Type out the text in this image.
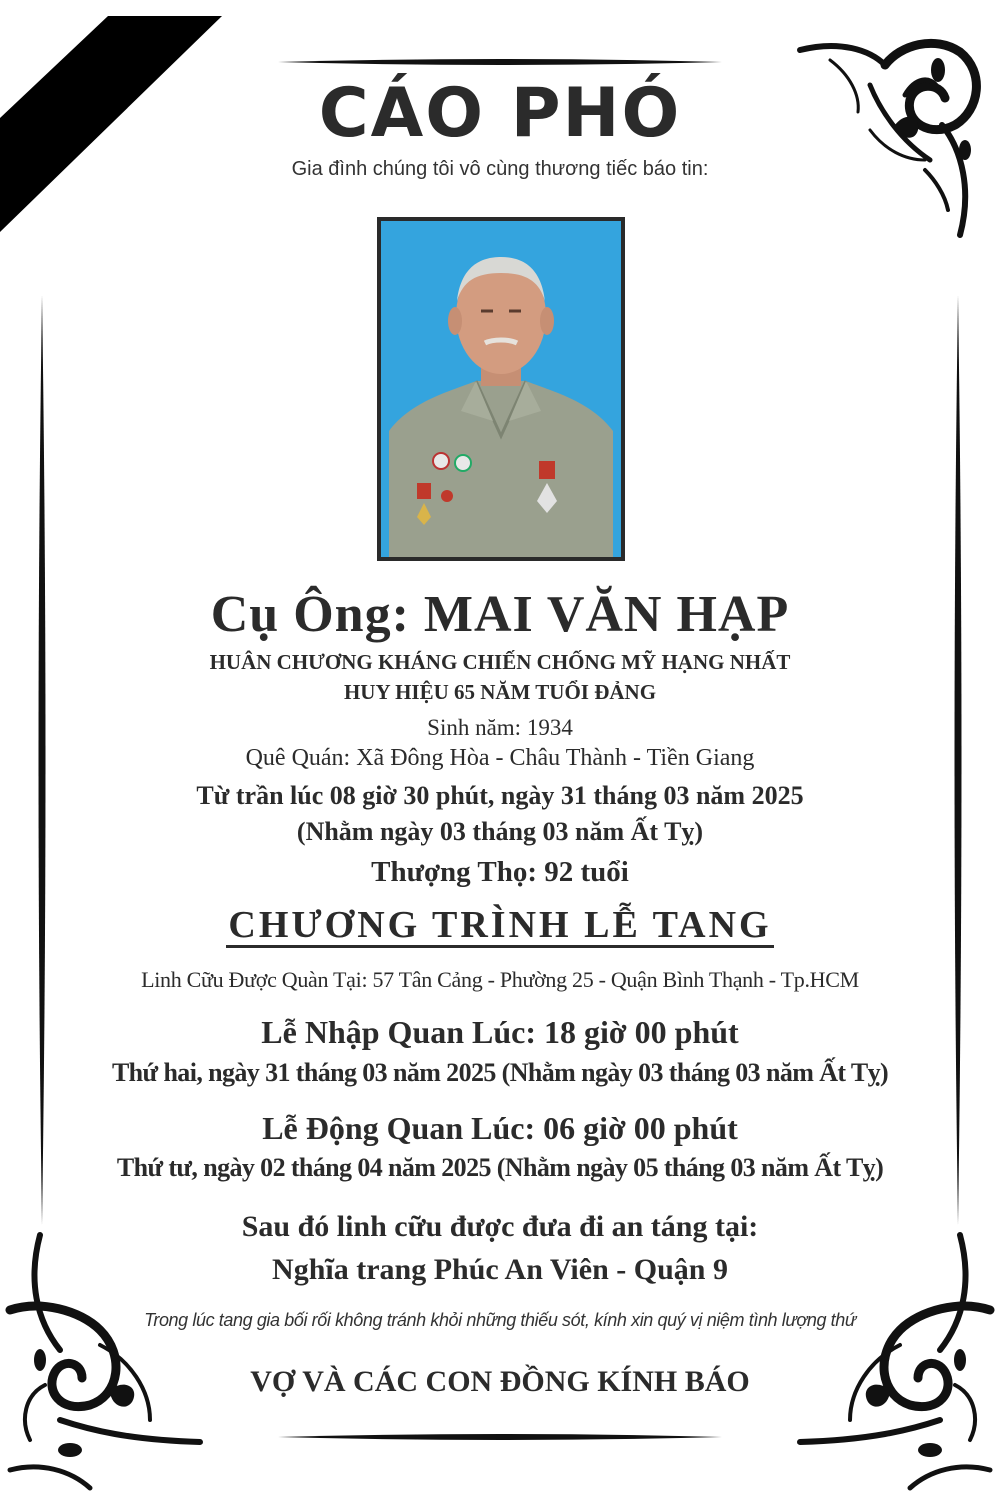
CÁO PHÓ

Gia đình chúng tôi vô cùng thương tiếc báo tin:

Cụ Ông: MAI VĂN HẠP

HUÂN CHƯƠNG KHÁNG CHIẾN CHỐNG MỸ HẠNG NHẤT

HUY HIỆU 65 NĂM TUỔI ĐẢNG

Sinh năm: 1934

Quê Quán: Xã Đông Hòa - Châu Thành - Tiền Giang

Từ trần lúc 08 giờ 30 phút, ngày 31 tháng 03 năm 2025

(Nhằm ngày 03 tháng 03 năm Ất Tỵ)

Thượng Thọ: 92 tuổi

CHƯƠNG TRÌNH LỄ TANG

Linh Cữu Được Quàn Tại: 57 Tân Cảng - Phường 25 - Quận Bình Thạnh - Tp.HCM

Lễ Nhập Quan Lúc: 18 giờ 00 phút

Thứ hai, ngày 31 tháng 03 năm 2025 (Nhằm ngày 03 tháng 03 năm Ất Tỵ)

Lễ Động Quan Lúc: 06 giờ 00 phút

Thứ tư, ngày 02 tháng 04 năm 2025 (Nhằm ngày 05 tháng 03 năm Ất Tỵ)

Sau đó linh cữu được đưa đi an táng tại:

Nghĩa trang Phúc An Viên - Quận 9

Trong lúc tang gia bối rối không tránh khỏi những thiếu sót, kính xin quý vị niệm tình lượng thứ

VỢ VÀ CÁC CON ĐỒNG KÍNH BÁO
